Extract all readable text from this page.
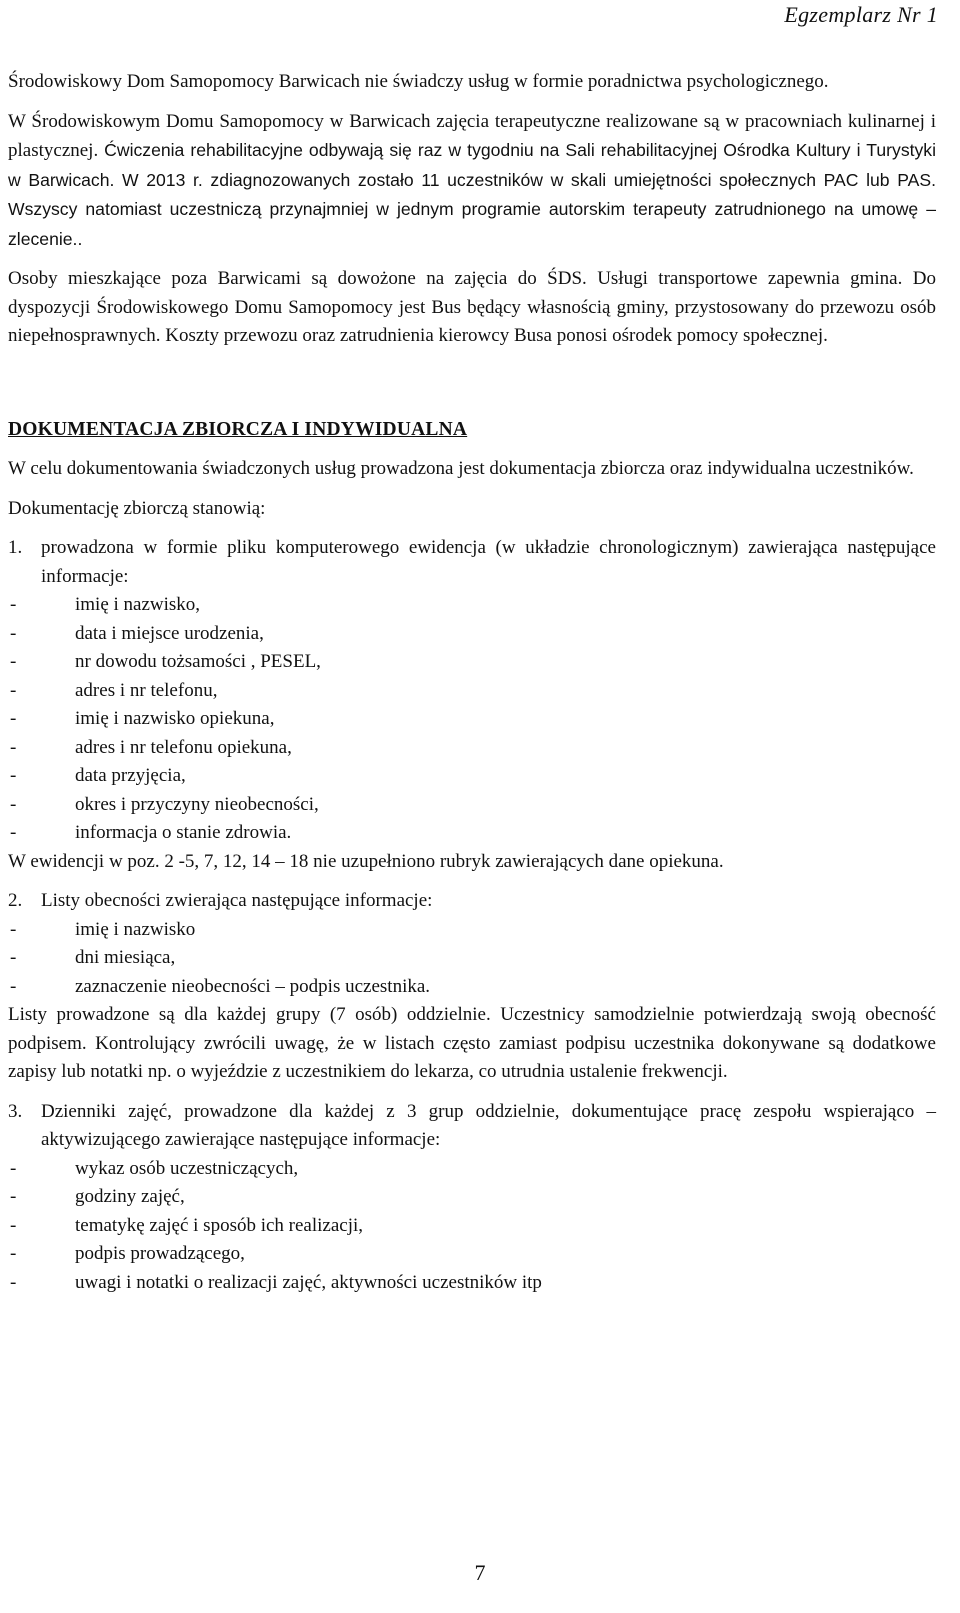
Egzemplarz Nr 1

Środowiskowy Dom Samopomocy Barwicach nie świadczy usług w formie poradnictwa psychologicznego.

W Środowiskowym Domu Samopomocy w Barwicach zajęcia terapeutyczne realizowane są w pracowniach kulinarnej i plastycznej. Ćwiczenia rehabilitacyjne odbywają się raz w tygodniu na Sali rehabilitacyjnej Ośrodka Kultury i Turystyki w Barwicach. W 2013 r. zdiagnozowanych zostało 11 uczestników w skali umiejętności społecznych PAC lub PAS. Wszyscy natomiast uczestniczą przynajmniej w jednym programie autorskim terapeuty zatrudnionego na umowę – zlecenie..

Osoby mieszkające poza Barwicami są dowożone na zajęcia do ŚDS. Usługi transportowe zapewnia gmina. Do dyspozycji Środowiskowego Domu Samopomocy jest Bus będący własnością gminy, przystosowany do przewozu osób niepełnosprawnych. Koszty przewozu oraz zatrudnienia kierowcy Busa ponosi ośrodek pomocy społecznej.

DOKUMENTACJA ZBIORCZA I INDYWIDUALNA

W celu dokumentowania świadczonych usług prowadzona jest dokumentacja zbiorcza oraz indywidualna uczestników.

Dokumentację zbiorczą stanowią:

1. prowadzona w formie pliku komputerowego ewidencja (w układzie chronologicznym) zawierająca następujące informacje:
-	imię i nazwisko,
-	data i miejsce urodzenia,
-	nr dowodu tożsamości , PESEL,
-	adres i nr telefonu,
-	imię i nazwisko opiekuna,
-	adres i nr telefonu opiekuna,
-	data przyjęcia,
-	okres i przyczyny nieobecności,
-	informacja o stanie zdrowia.

W ewidencji w poz. 2 -5, 7, 12, 14 – 18 nie uzupełniono rubryk zawierających dane opiekuna.

2. Listy obecności zwierająca następujące informacje:
-	imię i nazwisko
-	dni miesiąca,
-	zaznaczenie nieobecności – podpis uczestnika.

Listy prowadzone są dla każdej grupy (7 osób) oddzielnie. Uczestnicy samodzielnie potwierdzają swoją obecność podpisem. Kontrolujący zwrócili uwagę, że w listach często zamiast podpisu uczestnika dokonywane są dodatkowe zapisy lub notatki np. o wyjeździe z uczestnikiem do lekarza, co utrudnia ustalenie frekwencji.

3. Dzienniki zajęć, prowadzone dla każdej z 3 grup oddzielnie, dokumentujące pracę zespołu wspierająco – aktywizującego zawierające następujące informacje:
-	wykaz osób uczestniczących,
-	godziny zajęć,
-	tematykę zajęć i sposób ich realizacji,
-	podpis prowadzącego,
-	uwagi i notatki o realizacji zajęć, aktywności uczestników itp
7
